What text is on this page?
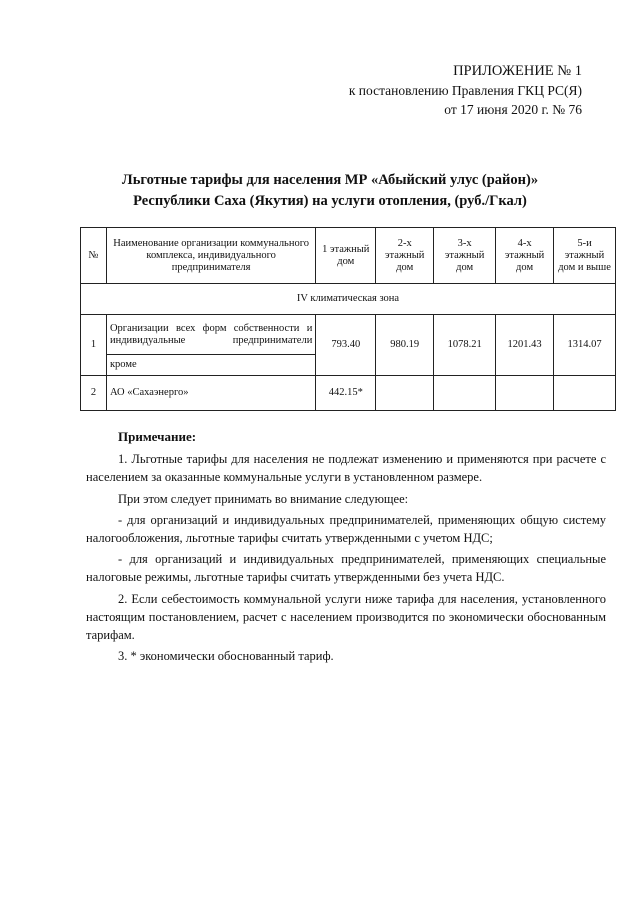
ПРИЛОЖЕНИЕ № 1
к постановлению Правления ГКЦ РС(Я)
от 17 июня 2020 г. № 76
Льготные тарифы для населения МР «Абыйский улус (район)»
Республики Саха (Якутия) на услуги отопления, (руб./Гкал)
№	Наименование организации коммунального комплекса, индивидуального предпринимателя	1 этажный дом	2-х этажный дом	3-х этажный дом	4-х этажный дом	5-и этажный дом и выше
IV климатическая зона						
1	Организации всех форм собственности и индивидуальные предприниматели	793.40	980.19	1078.21	1201.43	1314.07
	кроме					
2	АО «Сахаэнерго»	442.15*				
Примечание:

1. Льготные тарифы для населения не подлежат изменению и применяются при расчете с населением за оказанные коммунальные услуги в установленном размере.

При этом следует принимать во внимание следующее:

- для организаций и индивидуальных предпринимателей, применяющих общую систему налогообложения, льготные тарифы считать утвержденными с учетом НДС;

- для организаций и индивидуальных предпринимателей, применяющих специальные налоговые режимы, льготные тарифы считать утвержденными без учета НДС.

2. Если себестоимость коммунальной услуги ниже тарифа для населения, установленного настоящим постановлением, расчет с населением производится по экономически обоснованным тарифам.

3. * экономически обоснованный тариф.
